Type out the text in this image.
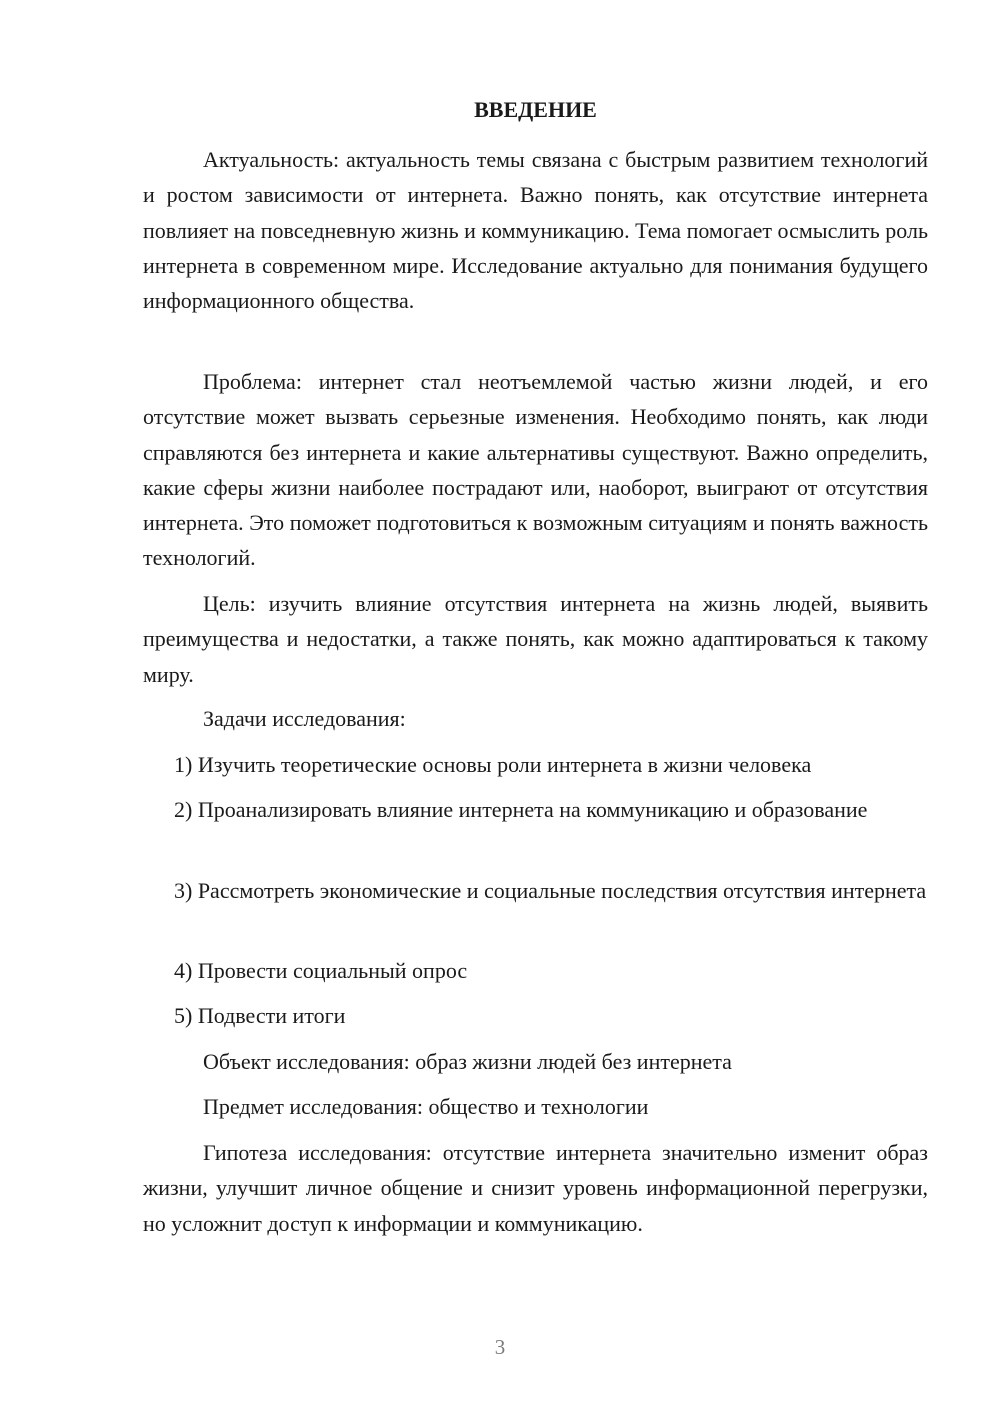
ВВЕДЕНИЕ

Актуальность: актуальность темы связана с быстрым развитием технологий и ростом зависимости от интернета. Важно понять, как отсутствие интернета повлияет на повседневную жизнь и коммуникацию. Тема помогает осмыслить роль интернета в современном мире. Исследование актуально для понимания будущего информационного общества.

Проблема: интернет стал неотъемлемой частью жизни людей, и его отсутствие может вызвать серьезные изменения. Необходимо понять, как люди справляются без интернета и какие альтернативы существуют. Важно определить, какие сферы жизни наиболее пострадают или, наоборот, выиграют от отсутствия интернета. Это поможет подготовиться к возможным ситуациям и понять важность технологий.

Цель: изучить влияние отсутствия интернета на жизнь людей, выявить преимущества и недостатки, а также понять, как можно адаптироваться к такому миру.

Задачи исследования:

1) Изучить теоретические основы роли интернета в жизни человека

2) Проанализировать влияние интернета на коммуникацию и образование

3) Рассмотреть экономические и социальные последствия отсутствия интернета

4) Провести социальный опрос

5) Подвести итоги

Объект исследования: образ жизни людей без интернета

Предмет исследования: общество и технологии

Гипотеза исследования: отсутствие интернета значительно изменит образ жизни, улучшит личное общение и снизит уровень информационной перегрузки, но усложнит доступ к информации и коммуникацию.

3
